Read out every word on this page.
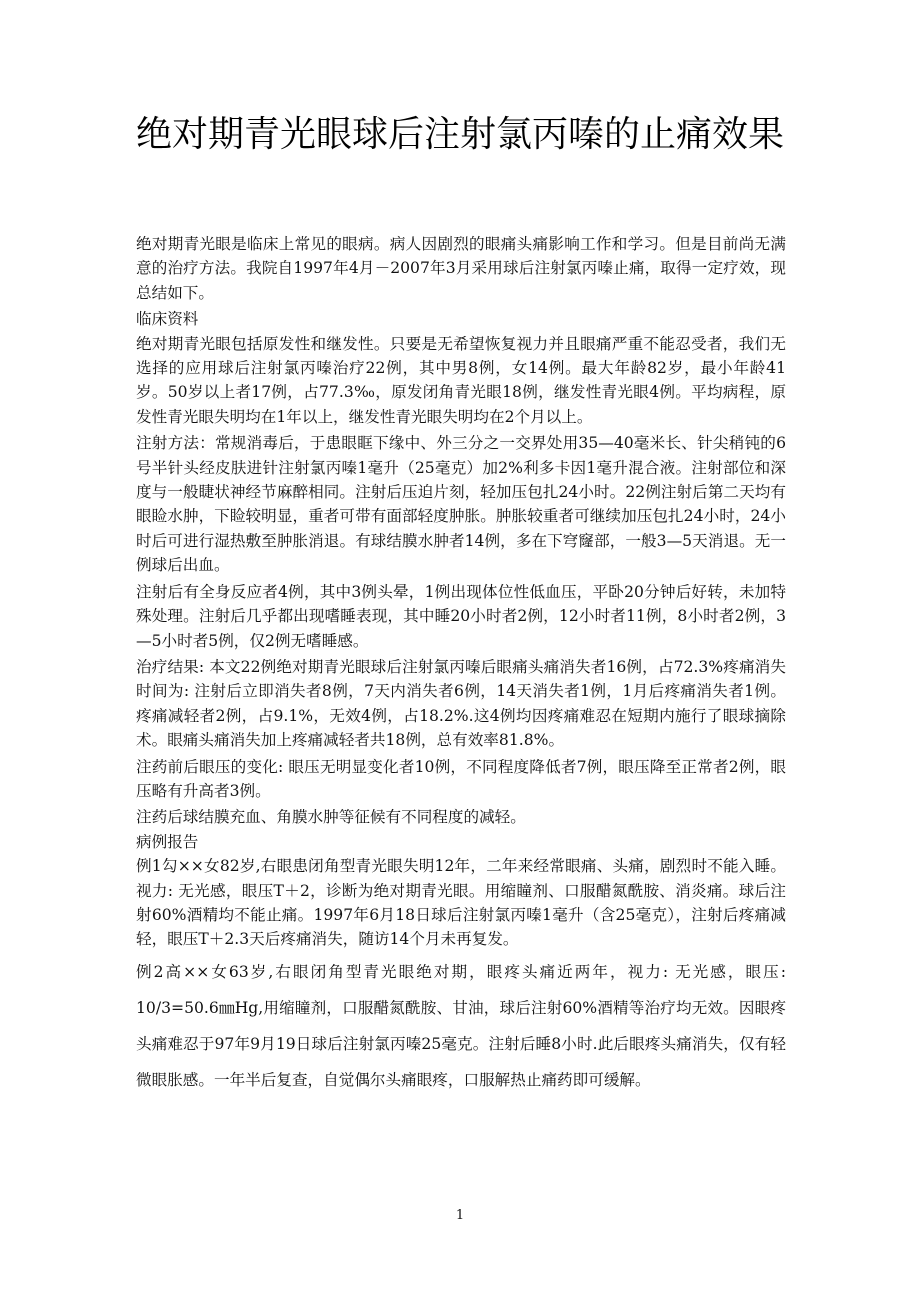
绝对期青光眼球后注射氯丙嗪的止痛效果

绝对期青光眼是临床上常见的眼病。病人因剧烈的眼痛头痛影响工作和学习。但是目前尚无满意的治疗方法。我院自1997年4月－2007年3月采用球后注射氯丙嗪止痛，取得一定疗效，现总结如下。

临床资料

绝对期青光眼包括原发性和继发性。只要是无希望恢复视力并且眼痛严重不能忍受者，我们无选择的应用球后注射氯丙嗪治疗22例，其中男8例，女14例。最大年龄82岁，最小年龄41岁。50岁以上者17例，占77.3‰，原发闭角青光眼18例，继发性青光眼4例。平均病程，原发性青光眼失明均在1年以上，继发性青光眼失明均在2个月以上。

注射方法：常规消毒后，于患眼眶下缘中、外三分之一交界处用35—40毫米长、针尖稍钝的6号半针头经皮肤进针注射氯丙嗪1毫升（25毫克）加2%利多卡因1毫升混合液。注射部位和深度与一般睫状神经节麻醉相同。注射后压迫片刻，轻加压包扎24小时。22例注射后第二天均有眼睑水肿，下睑较明显，重者可带有面部轻度肿胀。肿胀较重者可继续加压包扎24小时，24小时后可进行湿热敷至肿胀消退。有球结膜水肿者14例，多在下穹窿部，一般3—5天消退。无一例球后出血。

注射后有全身反应者4例，其中3例头晕，1例出现体位性低血压，平卧20分钟后好转，未加特殊处理。注射后几乎都出现嗜睡表现，其中睡20小时者2例，12小时者11例，8小时者2例，3—5小时者5例，仅2例无嗜睡感。

治疗结果: 本文22例绝对期青光眼球后注射氯丙嗪后眼痛头痛消失者16例，占72.3%疼痛消失时间为: 注射后立即消失者8例，7天内消失者6例，14天消失者1例，1月后疼痛消失者1例。疼痛减轻者2例，占9.1%，无效4例，占18.2%.这4例均因疼痛难忍在短期内施行了眼球摘除术。眼痛头痛消失加上疼痛减轻者共18例，总有效率81.8%。

注药前后眼压的变化: 眼压无明显变化者10例，不同程度降低者7例，眼压降至正常者2例，眼压略有升高者3例。

注药后球结膜充血、角膜水肿等征候有不同程度的减轻。

病例报告

例1勾××女82岁,右眼患闭角型青光眼失明12年，二年来经常眼痛、头痛，剧烈时不能入睡。视力: 无光感，眼压T＋2，诊断为绝对期青光眼。用缩瞳剂、口服醋氮酰胺、消炎痛。球后注射60%酒精均不能止痛。1997年6月18日球后注射氯丙嗪1毫升（含25毫克），注射后疼痛减轻，眼压T＋2.3天后疼痛消失，随访14个月未再复发。

例2高××女63岁,右眼闭角型青光眼绝对期，眼疼头痛近两年，视力: 无光感，眼压: 10/3=50.6㎜Hg,用缩瞳剂，口服醋氮酰胺、甘油，球后注射60%酒精等治疗均无效。因眼疼头痛难忍于97年9月19日球后注射氯丙嗪25毫克。注射后睡8小时.此后眼疼头痛消失，仅有轻微眼胀感。一年半后复查，自觉偶尔头痛眼疼，口服解热止痛药即可缓解。

1
